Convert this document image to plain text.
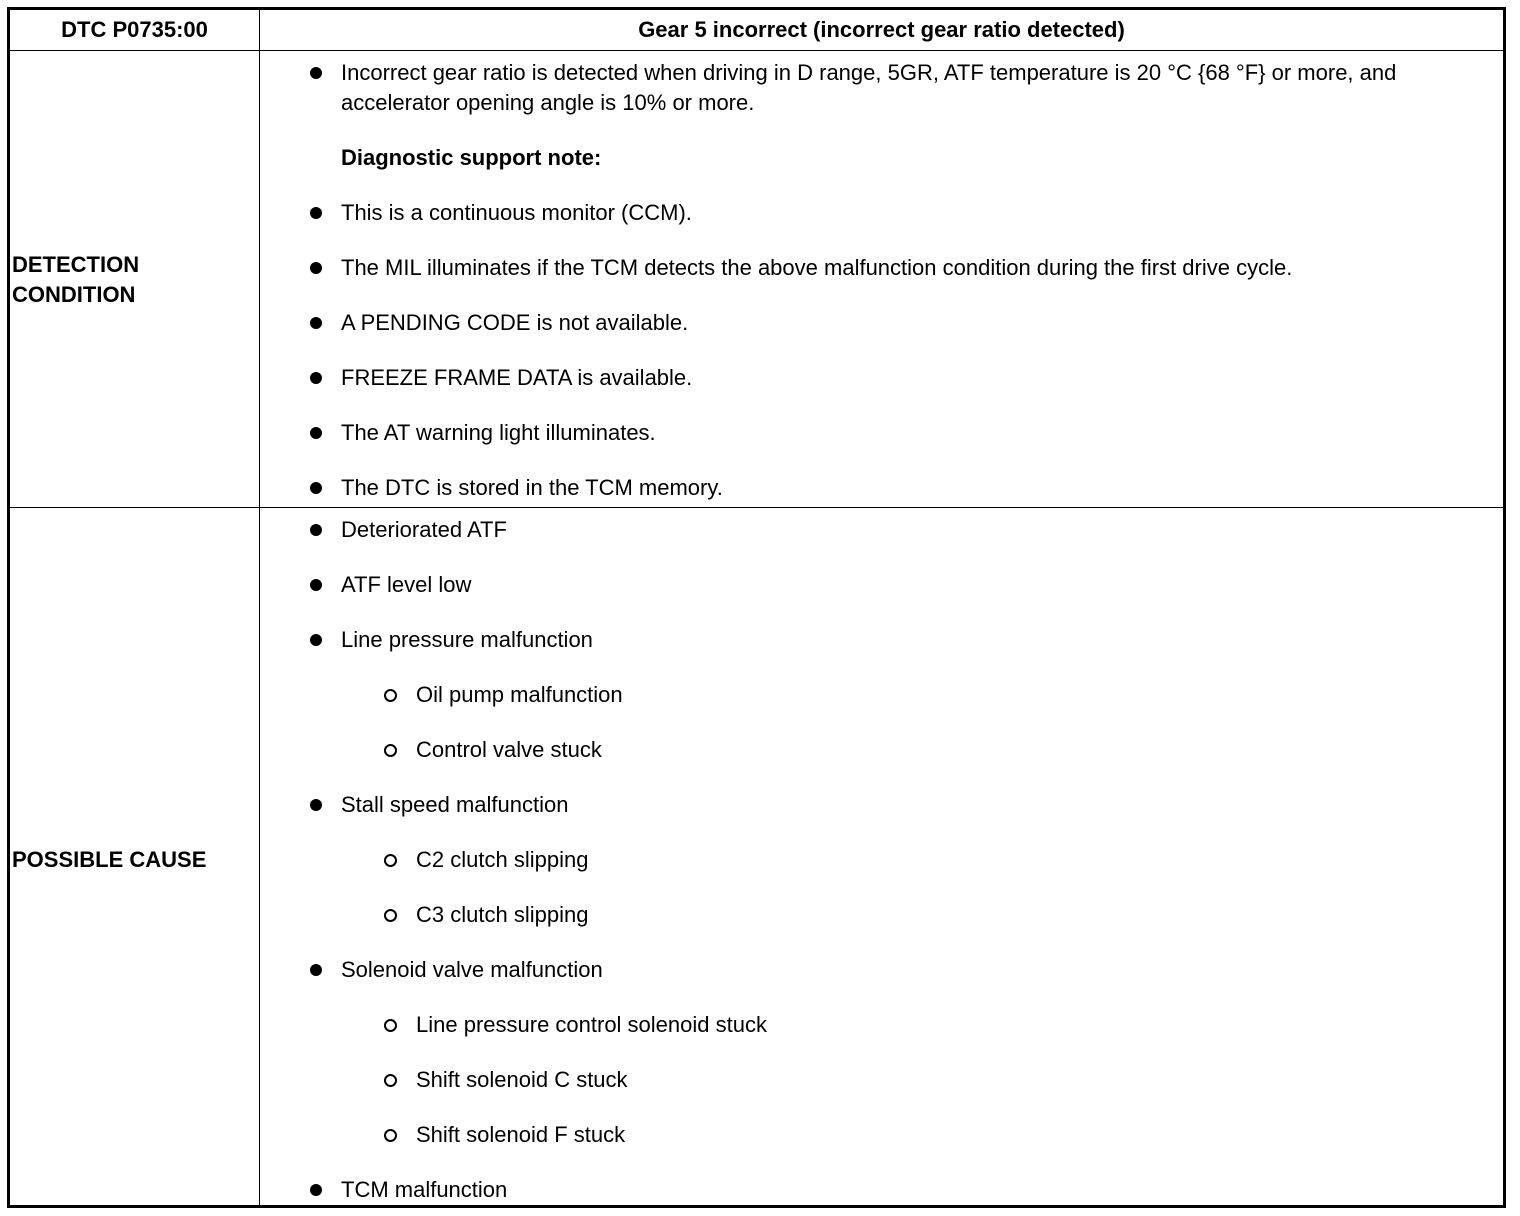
DTC P0735:00	Gear 5 incorrect (incorrect gear ratio detected)
DETECTION
CONDITION
Incorrect gear ratio is detected when driving in D range, 5GR, ATF temperature is 20 °C {68 °F} or more, and accelerator opening angle is 10% or more.
Diagnostic support note:
This is a continuous monitor (CCM).
The MIL illuminates if the TCM detects the above malfunction condition during the first drive cycle.
A PENDING CODE is not available.
FREEZE FRAME DATA is available.
The AT warning light illuminates.
The DTC is stored in the TCM memory.
POSSIBLE CAUSE
Deteriorated ATF
ATF level low
Line pressure malfunction
Oil pump malfunction
Control valve stuck
Stall speed malfunction
C2 clutch slipping
C3 clutch slipping
Solenoid valve malfunction
Line pressure control solenoid stuck
Shift solenoid C stuck
Shift solenoid F stuck
TCM malfunction
